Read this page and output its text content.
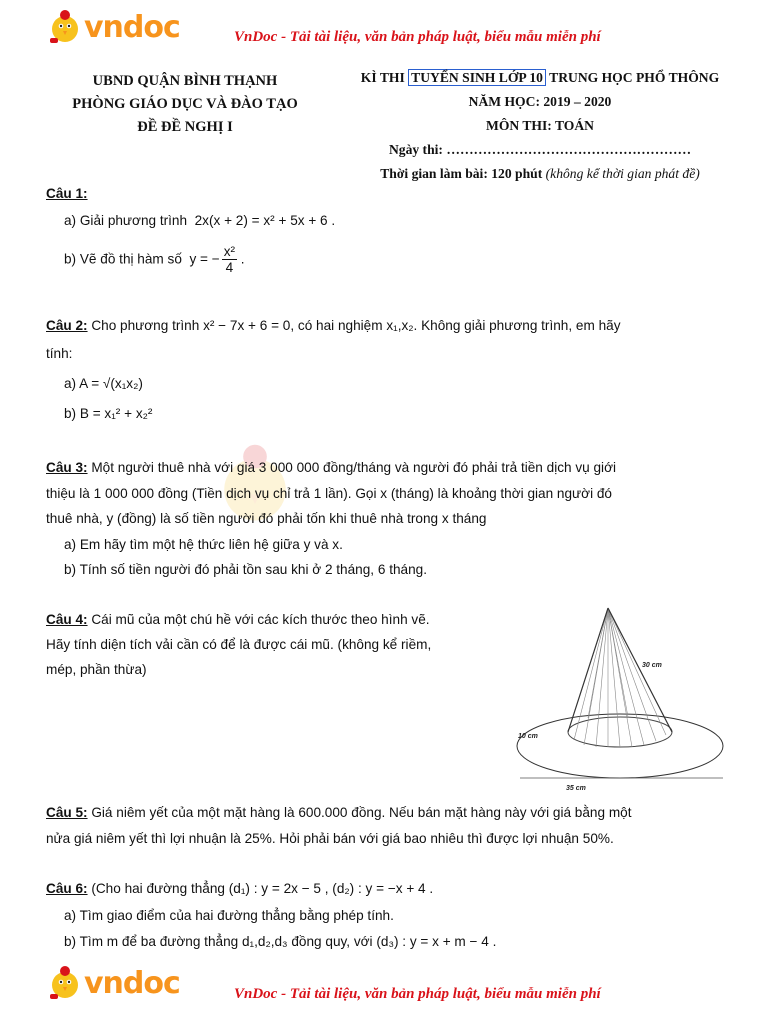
vndoc	VnDoc - Tải tài liệu, văn bản pháp luật, biểu mẫu miễn phí
UBND QUẬN BÌNH THẠNH
PHÒNG GIÁO DỤC VÀ ĐÀO TẠO
ĐỀ ĐỀ NGHỊ I
KÌ THI TUYỂN SINH LỚP 10 TRUNG HỌC PHỔ THÔNG
NĂM HỌC: 2019 – 2020
MÔN THI: TOÁN
Ngày thi: ………………………………………………
Thời gian làm bài: 120 phút (không kể thời gian phát đề)
Câu 1:
a) Giải phương trình 2x(x + 2) = x² + 5x + 6 .
b) Vẽ đồ thị hàm số y = − $\frac{\text{x²}}{4}$ .
Câu 2: Cho phương trình x² − 7x + 6 = 0, có hai nghiệm x₁,x₂. Không giải phương trình, em hãy
tính:
a) A = √(x₁x₂)
b) B = x₁² + x₂²
Câu 3: Một người thuê nhà với giá 3 000 000 đồng/tháng và người đó phải trả tiền dịch vụ giới
thiệu là 1 000 000 đồng (Tiền dịch vụ chỉ trả 1 lần). Gọi x (tháng) là khoảng thời gian người đó
thuê nhà, y (đồng) là số tiền người đó phải tốn khi thuê nhà trong x tháng
a) Em hãy tìm một hệ thức liên hệ giữa y và x.
b) Tính số tiền người đó phải tồn sau khi ở 2 tháng, 6 tháng.
Câu 4: Cái mũ của một chú hề với các kích thước theo hình vẽ.
Hãy tính diện tích vải cần có để là được cái mũ. (không kể riềm,
mép, phần thừa)	30 cm
10 cm
35 cm
Câu 5: Giá niêm yết của một mặt hàng là 600.000 đồng. Nếu bán mặt hàng này với giá bằng một
nửa giá niêm yết thì lợi nhuận là 25%. Hỏi phải bán với giá bao nhiêu thì được lợi nhuận 50%.
Câu 6: (Cho hai đường thẳng (d₁) : y = 2x − 5 , (d₂) : y = −x + 4 .
a) Tìm giao điểm của hai đường thẳng bằng phép tính.
b) Tìm m để ba đường thẳng d₁,d₂,d₃ đồng quy, với (d₃) : y = x + m − 4 .
vndoc	VnDoc - Tải tài liệu, văn bản pháp luật, biểu mẫu miễn phí
